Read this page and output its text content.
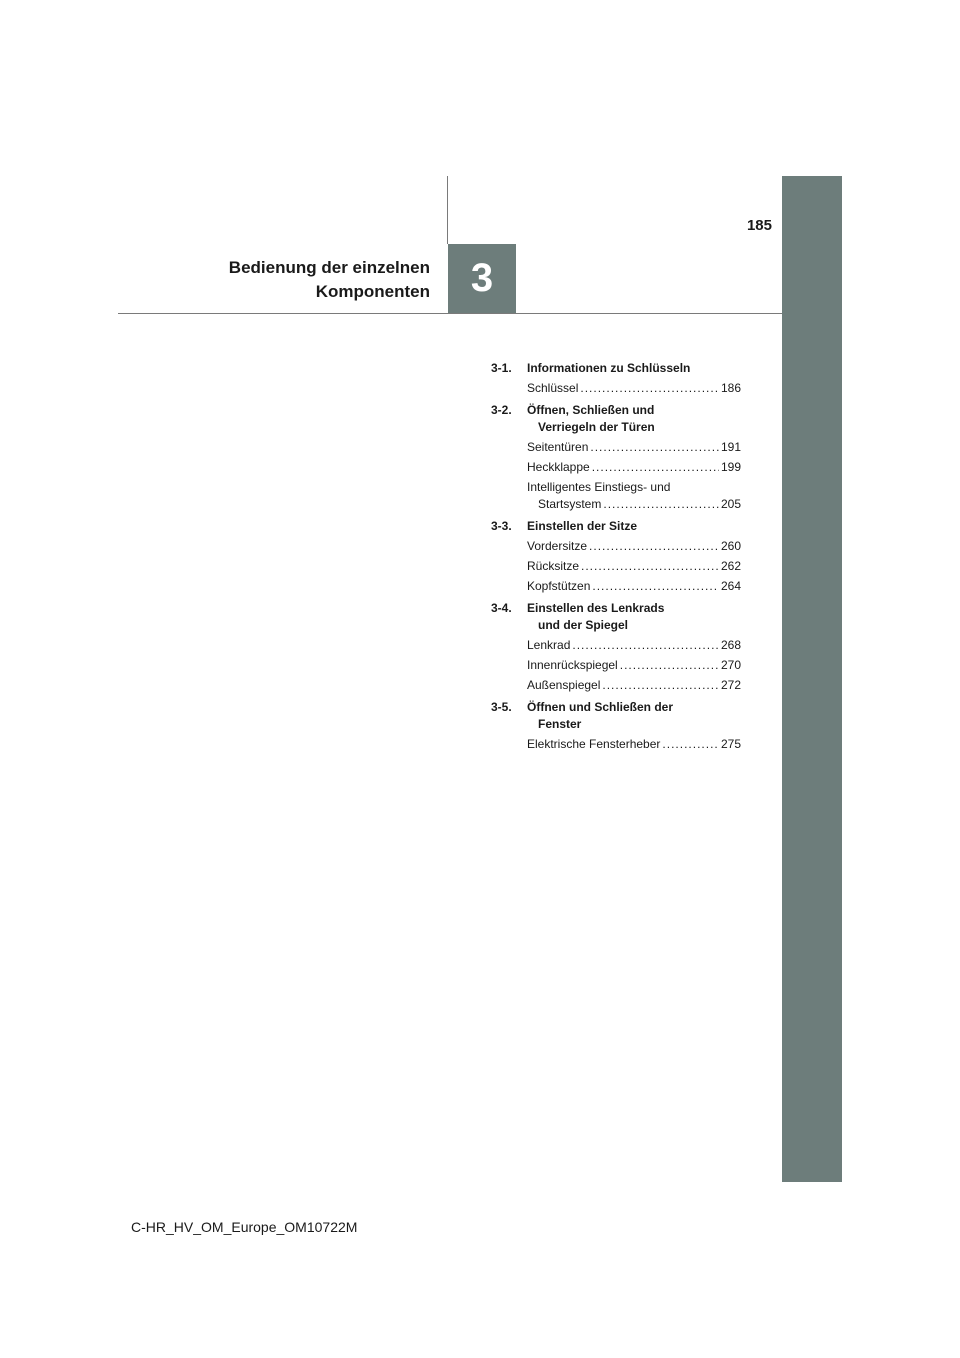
3
185
Bedienung der einzelnen
Komponenten
3-1. Informationen zu Schlüsseln
Schlüssel .....	186
3-2. Öffnen, Schließen und
Verriegeln der Türen
Seitentüren .....	191
Heckklappe .....	199
Intelligentes Einstiegs- und
Startsystem .....	205
3-3. Einstellen der Sitze
Vordersitze .....	260
Rücksitze .....	262
Kopfstützen .....	264
3-4. Einstellen des Lenkrads
und der Spiegel
Lenkrad .....	268
Innenrückspiegel .....	270
Außenspiegel .....	272
3-5. Öffnen und Schließen der
Fenster
Elektrische Fensterheber .....	275
C-HR_HV_OM_Europe_OM10722M
